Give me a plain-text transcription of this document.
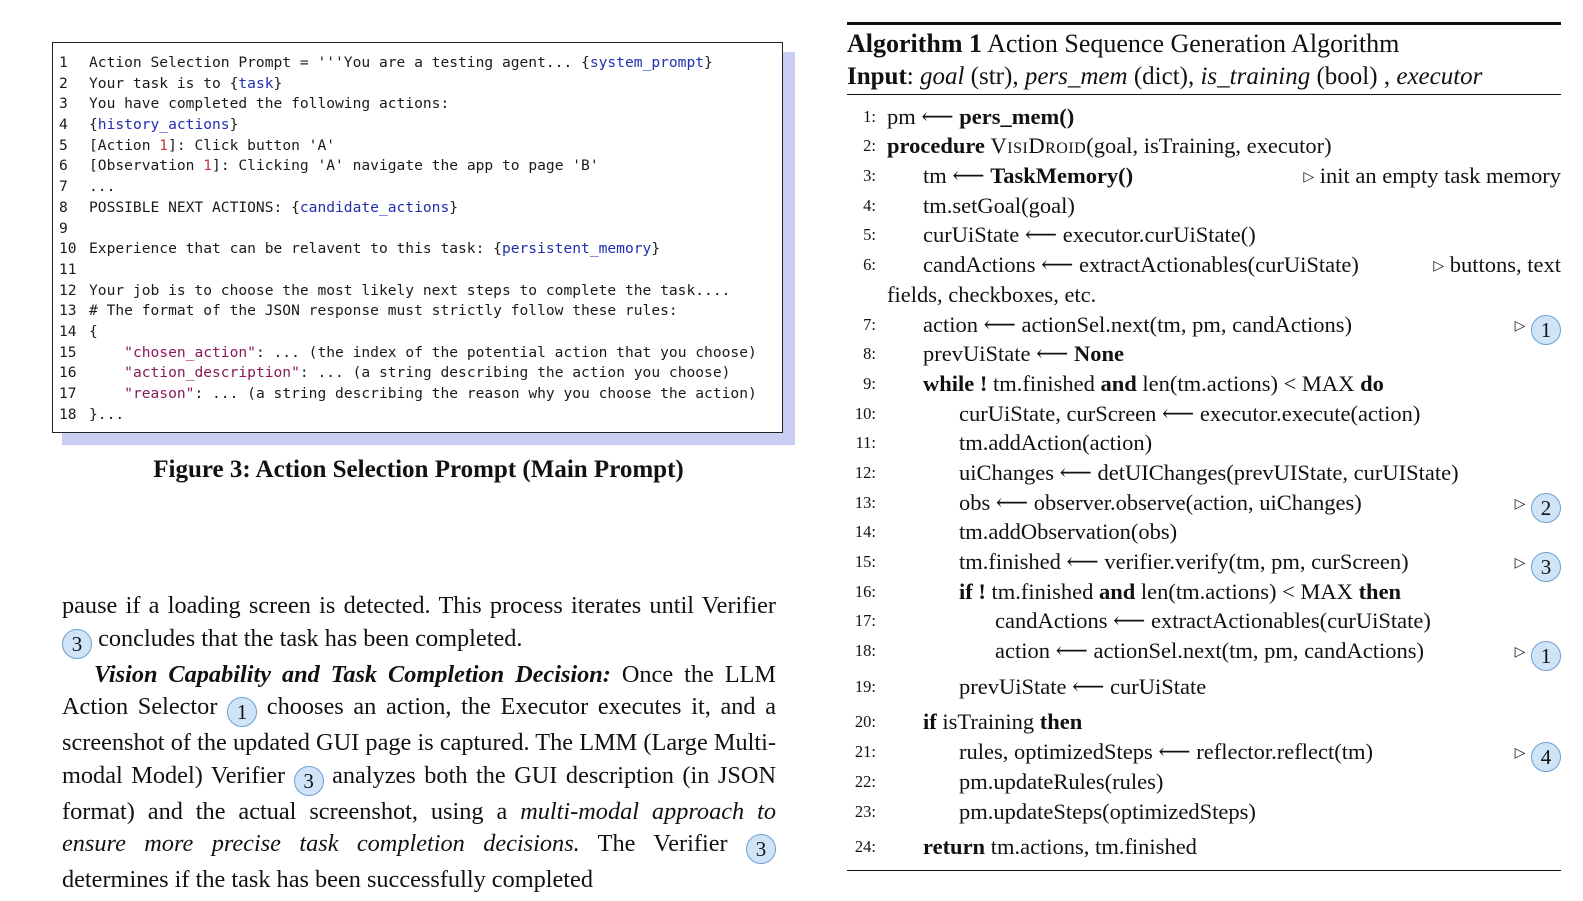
1 Action Selection Prompt = '''You are a testing agent... {system_prompt}
2 Your task is to {task}
3 You have completed the following actions:
4 {history_actions}
5 [Action 1]: Click button 'A'
6 [Observation 1]: Clicking 'A' navigate the app to page 'B'
7 ...
8 POSSIBLE NEXT ACTIONS: {candidate_actions}
9
10 Experience that can be relavent to this task: {persistent_memory}
11
12 Your job is to choose the most likely next steps to complete the task....
13 # The format of the JSON response must strictly follow these rules:
14 {
15	"chosen_action": ... (the index of the potential action that you choose)
16	"action_description": ... (a string describing the action you choose)
17	"reason": ... (a string describing the reason why you choose the action)
18 }...
Figure 3: Action Selection Prompt (Main Prompt)

pause if a loading screen is detected. This process iterates until Verifier 3 concludes that the task has been completed.

Vision Capability and Task Completion Decision: Once the LLM Action Selector 1 chooses an action, the Executor executes it, and a screenshot of the updated GUI page is captured. The LMM (Large Multi-modal Model) Verifier 3 analyzes both the GUI description (in JSON format) and the actual screenshot, using a multi-modal approach to ensure more precise task completion decisions. The Verifier 3 determines if the task has been successfully completed

Algorithm 1 Action Sequence Generation Algorithm
Input: goal (str), pers_mem (dict), is_training (bool) , executor
1: pm ⟵ pers_mem()
2: procedure VisiDroid(goal, isTraining, executor)
3:	tm ⟵ TaskMemory()	▷ init an empty task memory
4:	tm.setGoal(goal)
5:	curUiState ⟵ executor.curUiState()
6:	candActions ⟵ extractActionables(curUiState)	▷ buttons, text
fields, checkboxes, etc.
7:	action ⟵ actionSel.next(tm, pm, candActions)	▷ 1
8:	prevUiState ⟵ None
9:	while ! tm.finished and len(tm.actions) < MAX do
10:	curUiState, curScreen ⟵ executor.execute(action)
11:	tm.addAction(action)
12:	uiChanges ⟵ detUIChanges(prevUIState, curUIState)
13:	obs ⟵ observer.observe(action, uiChanges)	▷ 2
14:	tm.addObservation(obs)
15:	tm.finished ⟵ verifier.verify(tm, pm, curScreen)	▷ 3
16:	if ! tm.finished and len(tm.actions) < MAX then
17:	candActions ⟵ extractActionables(curUiState)
18:	action ⟵ actionSel.next(tm, pm, candActions)	▷ 1
19:	prevUiState ⟵ curUiState
20:	if isTraining then
21:	rules, optimizedSteps ⟵ reflector.reflect(tm)	▷ 4
22:	pm.updateRules(rules)
23:	pm.updateSteps(optimizedSteps)
24:	return tm.actions, tm.finished
